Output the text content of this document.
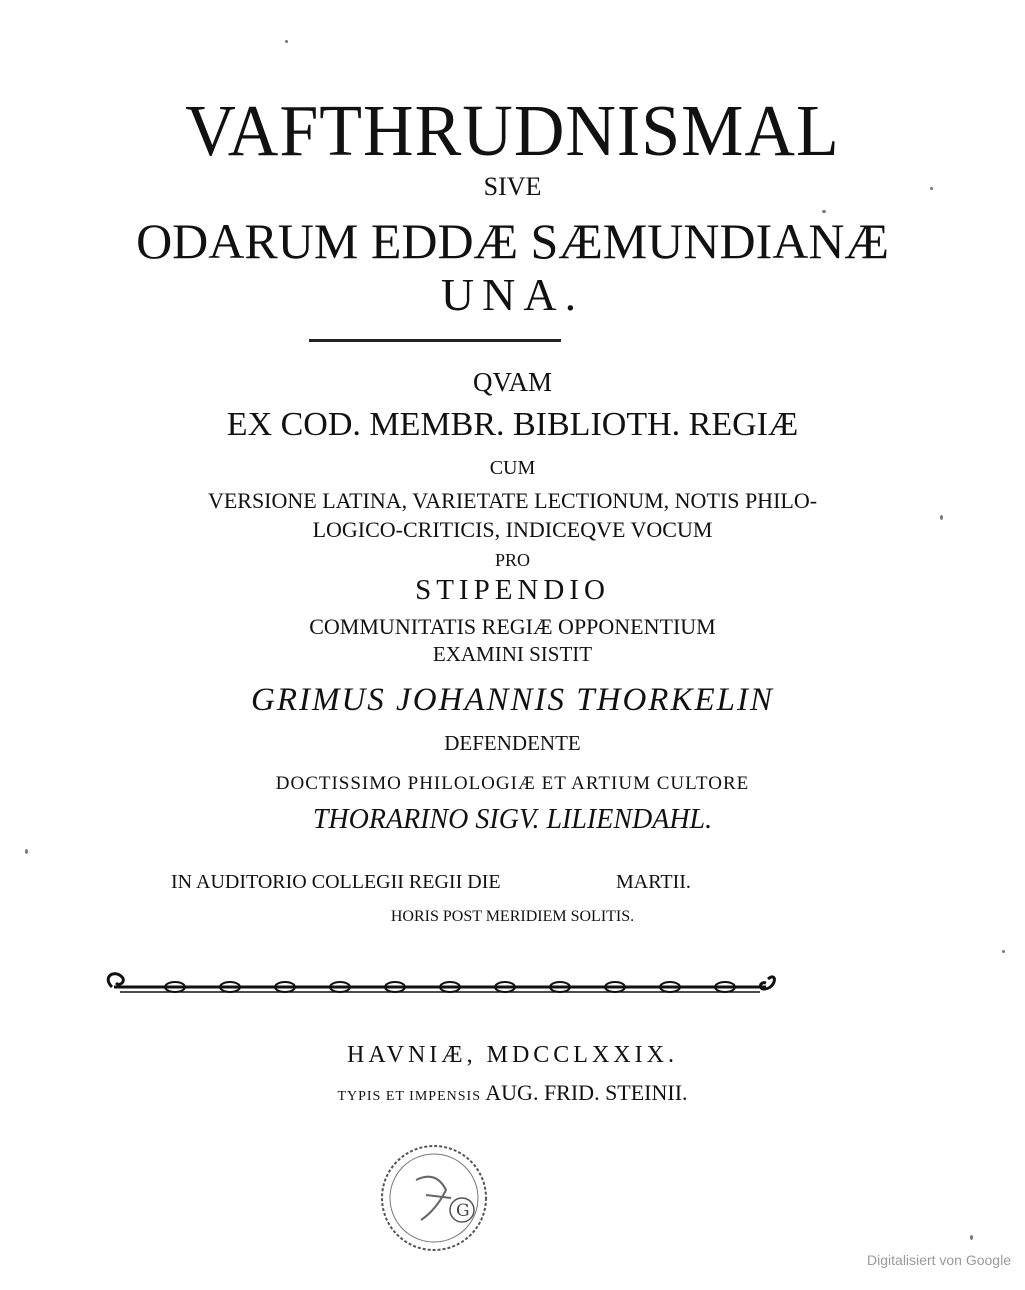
VAFTHRUDNISMAL
SIVE
ODARUM EDDÆ SÆMUNDIANÆ
UNA.
QVAM
EX COD. MEMBR. BIBLIOTH. REGIÆ
CUM
VERSIONE LATINA, VARIETATE LECTIONUM, NOTIS PHILO-
LOGICO-CRITICIS, INDICEQVE VOCUM
PRO
STIPENDIO
COMMUNITATIS REGIÆ OPPONENTIUM
EXAMINI SISTIT
GRIMUS JOHANNIS THORKELIN
DEFENDENTE
DOCTISSIMO PHILOLOGIÆ ET ARTIUM CULTORE
THORARINO SIGV. LILIENDAHL.
IN AUDITORIO COLLEGII REGII DIE	MARTII.
HORIS POST MERIDIEM SOLITIS.
HAVNIÆ, MDCCLXXIX.
TYPIS ET IMPENSIS AUG. FRID. STEINII.
G
Digitalisiert von Google
